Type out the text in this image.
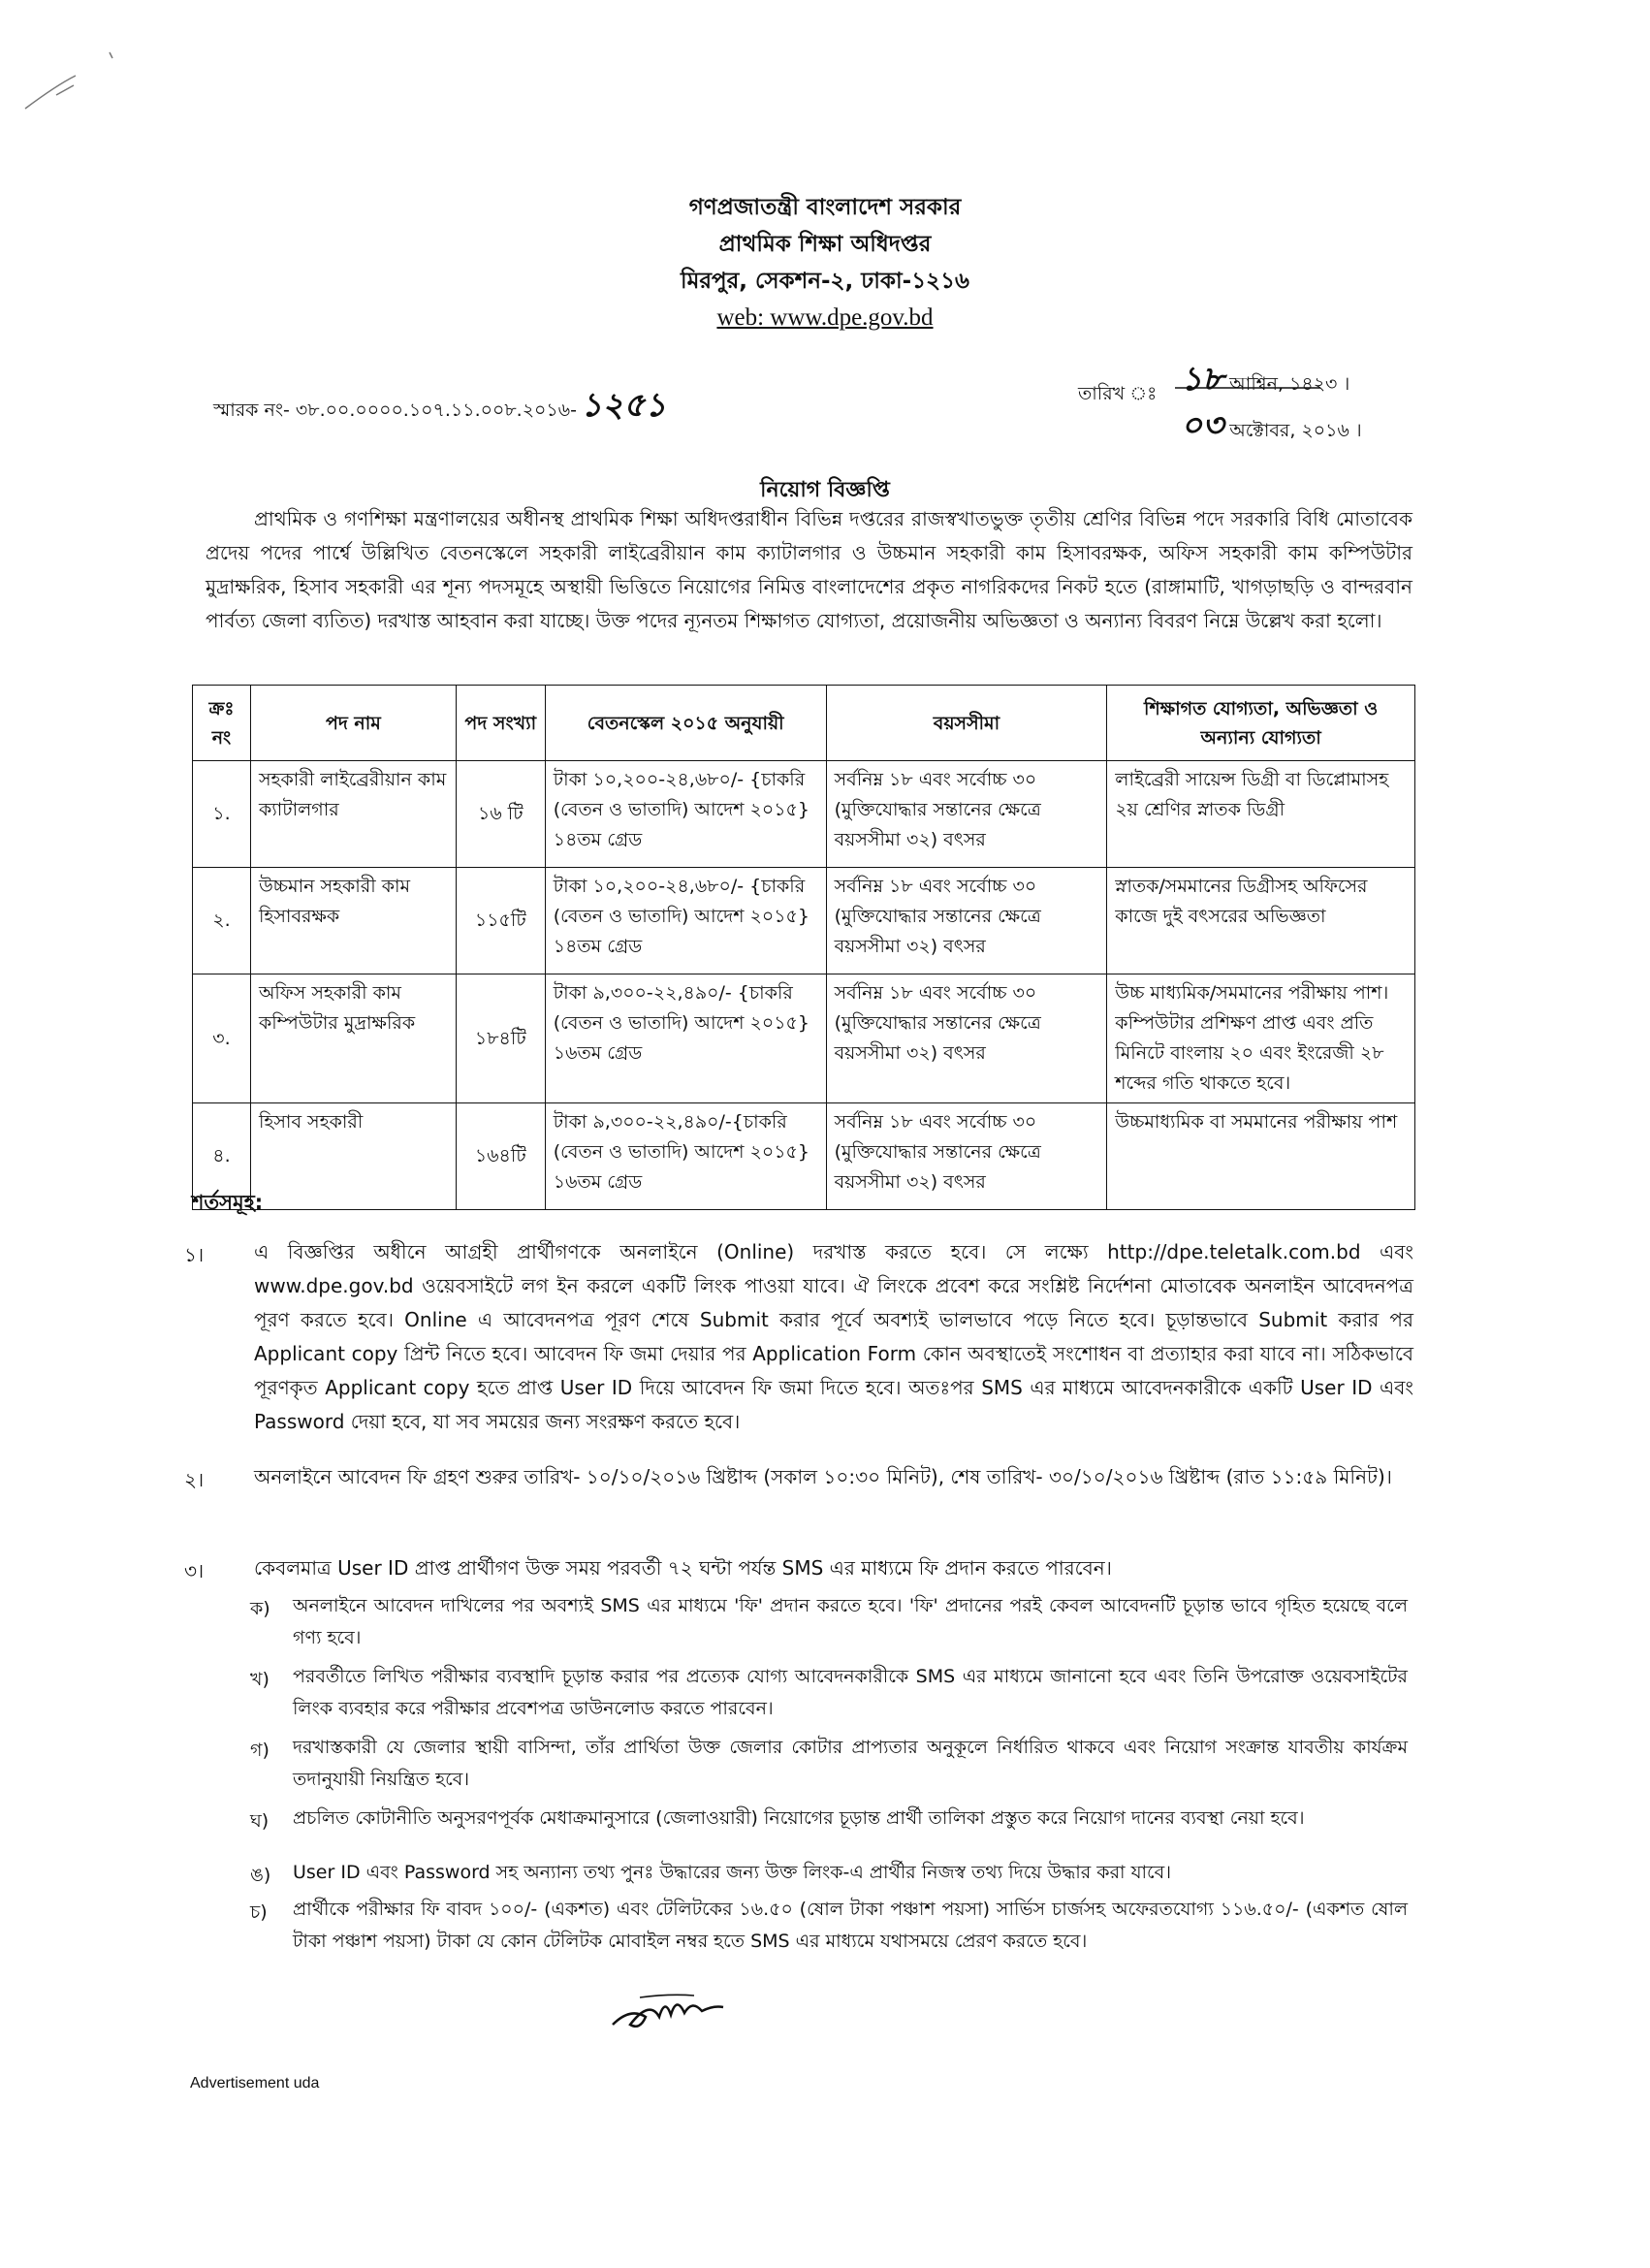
গণপ্রজাতন্ত্রী বাংলাদেশ সরকার
প্রাথমিক শিক্ষা অধিদপ্তর
মিরপুর, সেকশন-২, ঢাকা-১২১৬
web: www.dpe.gov.bd
স্মারক নং- ৩৮.০০.০০০০.১০৭.১১.০০৮.২০১৬- ১২৫১	তারিখ ঃ ১৮ আশ্বিন, ১৪২৩ ।
০৩ অক্টোবর, ২০১৬ ।
নিয়োগ বিজ্ঞপ্তি
প্রাথমিক ও গণশিক্ষা মন্ত্রণালয়ের অধীনস্থ প্রাথমিক শিক্ষা অধিদপ্তরাধীন বিভিন্ন দপ্তরের রাজস্বখাতভুক্ত তৃতীয় শ্রেণির বিভিন্ন পদে সরকারি বিধি মোতাবেক প্রদেয় পদের পার্শ্বে উল্লিখিত বেতনস্কেলে সহকারী লাইব্রেরীয়ান কাম ক্যাটালগার ও উচ্চমান সহকারী কাম হিসাবরক্ষক, অফিস সহকারী কাম কম্পিউটার মুদ্রাক্ষরিক, হিসাব সহকারী এর শূন্য পদসমূহে অস্থায়ী ভিত্তিতে নিয়োগের নিমিত্ত বাংলাদেশের প্রকৃত নাগরিকদের নিকট হতে (রাঙ্গামাটি, খাগড়াছড়ি ও বান্দরবান পার্বত্য জেলা ব্যতিত) দরখাস্ত আহবান করা যাচ্ছে। উক্ত পদের ন্যূনতম শিক্ষাগত যোগ্যতা, প্রয়োজনীয় অভিজ্ঞতা ও অন্যান্য বিবরণ নিম্নে উল্লেখ করা হলো।
ক্রঃ নং	পদ নাম	পদ সংখ্যা	বেতনস্কেল ২০১৫ অনুযায়ী	বয়সসীমা	শিক্ষাগত যোগ্যতা, অভিজ্ঞতা ও অন্যান্য যোগ্যতা
১.	সহকারী লাইব্রেরীয়ান কাম ক্যাটালগার	১৬ টি	টাকা ১০,২০০-২৪,৬৮০/- {চাকরি (বেতন ও ভাতাদি) আদেশ ২০১৫} ১৪তম গ্রেড	সর্বনিম্ন ১৮ এবং সর্বোচ্চ ৩০ (মুক্তিযোদ্ধার সন্তানের ক্ষেত্রে বয়সসীমা ৩২) বৎসর	লাইব্রেরী সায়েন্স ডিগ্রী বা ডিপ্লোমাসহ ২য় শ্রেণির স্নাতক ডিগ্রী
২.	উচ্চমান সহকারী কাম হিসাবরক্ষক	১১৫টি	টাকা ১০,২০০-২৪,৬৮০/- {চাকরি (বেতন ও ভাতাদি) আদেশ ২০১৫} ১৪তম গ্রেড	সর্বনিম্ন ১৮ এবং সর্বোচ্চ ৩০ (মুক্তিযোদ্ধার সন্তানের ক্ষেত্রে বয়সসীমা ৩২) বৎসর	স্নাতক/সমমানের ডিগ্রীসহ অফিসের কাজে দুই বৎসরের অভিজ্ঞতা
৩.	অফিস সহকারী কাম কম্পিউটার মুদ্রাক্ষরিক	১৮৪টি	টাকা ৯,৩০০-২২,৪৯০/- {চাকরি (বেতন ও ভাতাদি) আদেশ ২০১৫} ১৬তম গ্রেড	সর্বনিম্ন ১৮ এবং সর্বোচ্চ ৩০ (মুক্তিযোদ্ধার সন্তানের ক্ষেত্রে বয়সসীমা ৩২) বৎসর	উচ্চ মাধ্যমিক/সমমানের পরীক্ষায় পাশ। কম্পিউটার প্রশিক্ষণ প্রাপ্ত এবং প্রতি মিনিটে বাংলায় ২০ এবং ইংরেজী ২৮ শব্দের গতি থাকতে হবে।
৪.	হিসাব সহকারী	১৬৪টি	টাকা ৯,৩০০-২২,৪৯০/-{চাকরি (বেতন ও ভাতাদি) আদেশ ২০১৫} ১৬তম গ্রেড	সর্বনিম্ন ১৮ এবং সর্বোচ্চ ৩০ (মুক্তিযোদ্ধার সন্তানের ক্ষেত্রে বয়সসীমা ৩২) বৎসর	উচ্চমাধ্যমিক বা সমমানের পরীক্ষায় পাশ
শর্তসমূহ:
১।	এ বিজ্ঞপ্তির অধীনে আগ্রহী প্রার্থীগণকে অনলাইনে (Online) দরখাস্ত করতে হবে। সে লক্ষ্যে http://dpe.teletalk.com.bd এবং www.dpe.gov.bd ওয়েবসাইটে লগ ইন করলে একটি লিংক পাওয়া যাবে। ঐ লিংকে প্রবেশ করে সংশ্লিষ্ট নির্দেশনা মোতাবেক অনলাইন আবেদনপত্র পূরণ করতে হবে। Online এ আবেদনপত্র পূরণ শেষে Submit করার পূর্বে অবশ্যই ভালভাবে পড়ে নিতে হবে। চূড়ান্তভাবে Submit করার পর Applicant copy প্রিন্ট নিতে হবে। আবেদন ফি জমা দেয়ার পর Application Form কোন অবস্থাতেই সংশোধন বা প্রত্যাহার করা যাবে না। সঠিকভাবে পূরণকৃত Applicant copy হতে প্রাপ্ত User ID দিয়ে আবেদন ফি জমা দিতে হবে। অতঃপর SMS এর মাধ্যমে আবেদনকারীকে একটি User ID এবং Password দেয়া হবে, যা সব সময়ের জন্য সংরক্ষণ করতে হবে।
২।	অনলাইনে আবেদন ফি গ্রহণ শুরুর তারিখ- ১০/১০/২০১৬ খ্রিষ্টাব্দ (সকাল ১০:৩০ মিনিট), শেষ তারিখ- ৩০/১০/২০১৬ খ্রিষ্টাব্দ (রাত ১১:৫৯ মিনিট)।
৩।	কেবলমাত্র User ID প্রাপ্ত প্রার্থীগণ উক্ত সময় পরবর্তী ৭২ ঘন্টা পর্যন্ত SMS এর মাধ্যমে ফি প্রদান করতে পারবেন।
ক) অনলাইনে আবেদন দাখিলের পর অবশ্যই SMS এর মাধ্যমে 'ফি' প্রদান করতে হবে। 'ফি' প্রদানের পরই কেবল আবেদনটি চূড়ান্ত ভাবে গৃহিত হয়েছে বলে গণ্য হবে।
খ) পরবর্তীতে লিখিত পরীক্ষার ব্যবস্থাদি চূড়ান্ত করার পর প্রত্যেক যোগ্য আবেদনকারীকে SMS এর মাধ্যমে জানানো হবে এবং তিনি উপরোক্ত ওয়েবসাইটের লিংক ব্যবহার করে পরীক্ষার প্রবেশপত্র ডাউনলোড করতে পারবেন।
গ) দরখাস্তকারী যে জেলার স্থায়ী বাসিন্দা, তাঁর প্রার্থিতা উক্ত জেলার কোটার প্রাপ্যতার অনুকূলে নির্ধারিত থাকবে এবং নিয়োগ সংক্রান্ত যাবতীয় কার্যক্রম তদানুযায়ী নিয়ন্ত্রিত হবে।
ঘ) প্রচলিত কোটানীতি অনুসরণপূর্বক মেধাক্রমানুসারে (জেলাওয়ারী) নিয়োগের চূড়ান্ত প্রার্থী তালিকা প্রস্তুত করে নিয়োগ দানের ব্যবস্থা নেয়া হবে।
ঙ) User ID এবং Password সহ অন্যান্য তথ্য পুনঃ উদ্ধারের জন্য উক্ত লিংক-এ প্রার্থীর নিজস্ব তথ্য দিয়ে উদ্ধার করা যাবে।
চ) প্রার্থীকে পরীক্ষার ফি বাবদ ১০০/- (একশত) এবং টেলিটকের ১৬.৫০ (ষোল টাকা পঞ্চাশ পয়সা) সার্ভিস চার্জসহ অফেরতযোগ্য ১১৬.৫০/- (একশত ষোল টাকা পঞ্চাশ পয়সা) টাকা যে কোন টেলিটক মোবাইল নম্বর হতে SMS এর মাধ্যমে যথাসময়ে প্রেরণ করতে হবে।
Advertisement uda
